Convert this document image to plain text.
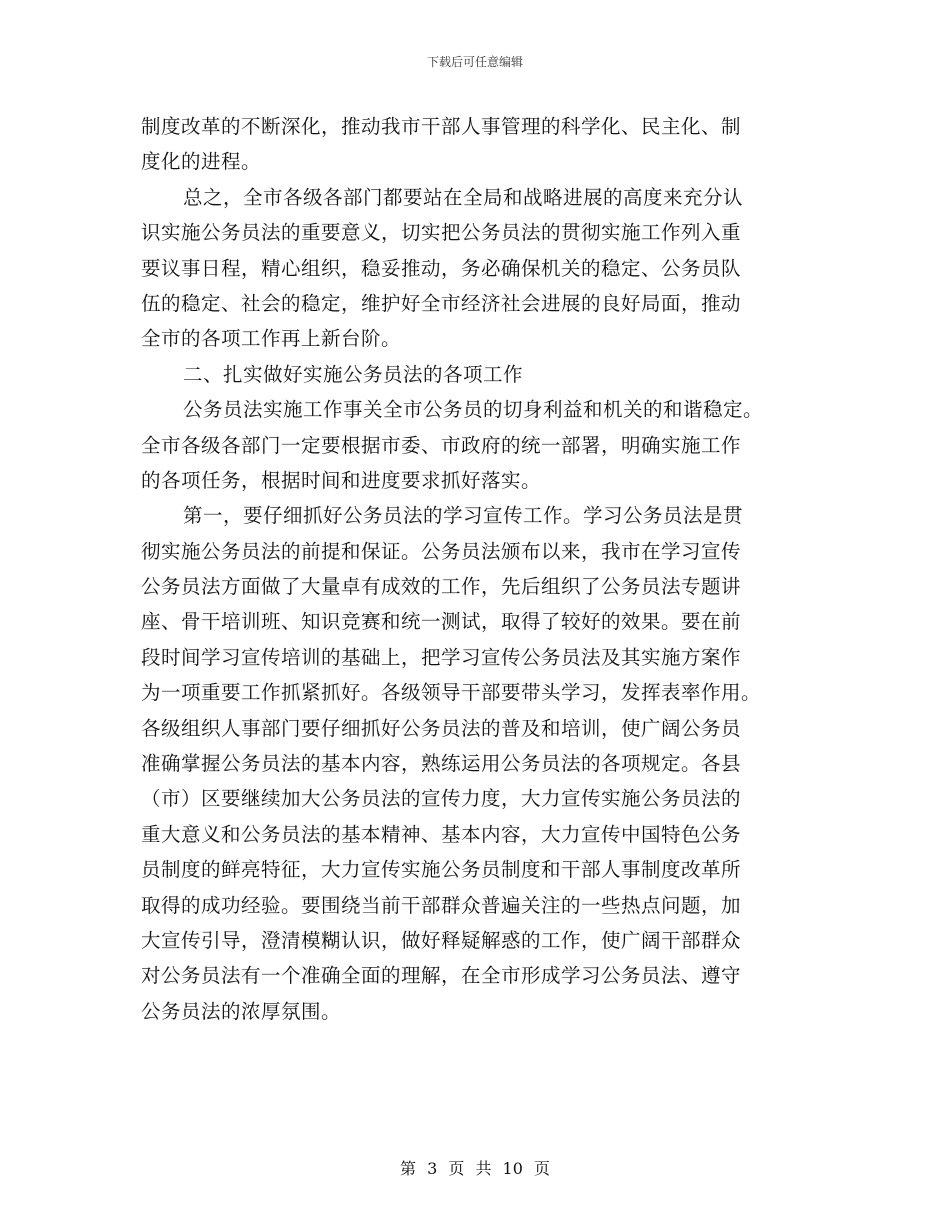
下载后可任意编辑
制度改革的不断深化，推动我市干部人事管理的科学化、民主化、制
度化的进程。
总之，全市各级各部门都要站在全局和战略进展的高度来充分认
识实施公务员法的重要意义，切实把公务员法的贯彻实施工作列入重
要议事日程，精心组织，稳妥推动，务必确保机关的稳定、公务员队
伍的稳定、社会的稳定，维护好全市经济社会进展的良好局面，推动
全市的各项工作再上新台阶。
二、扎实做好实施公务员法的各项工作
公务员法实施工作事关全市公务员的切身利益和机关的和谐稳定。
全市各级各部门一定要根据市委、市政府的统一部署，明确实施工作
的各项任务，根据时间和进度要求抓好落实。
第一，要仔细抓好公务员法的学习宣传工作。学习公务员法是贯
彻实施公务员法的前提和保证。公务员法颁布以来，我市在学习宣传
公务员法方面做了大量卓有成效的工作，先后组织了公务员法专题讲
座、骨干培训班、知识竞赛和统一测试，取得了较好的效果。要在前
段时间学习宣传培训的基础上，把学习宣传公务员法及其实施方案作
为一项重要工作抓紧抓好。各级领导干部要带头学习，发挥表率作用。
各级组织人事部门要仔细抓好公务员法的普及和培训，使广阔公务员
准确掌握公务员法的基本内容，熟练运用公务员法的各项规定。各县
（市）区要继续加大公务员法的宣传力度，大力宣传实施公务员法的
重大意义和公务员法的基本精神、基本内容，大力宣传中国特色公务
员制度的鲜亮特征，大力宣传实施公务员制度和干部人事制度改革所
取得的成功经验。要围绕当前干部群众普遍关注的一些热点问题，加
大宣传引导，澄清模糊认识，做好释疑解惑的工作，使广阔干部群众
对公务员法有一个准确全面的理解，在全市形成学习公务员法、遵守
公务员法的浓厚氛围。
第 3 页 共 10 页
